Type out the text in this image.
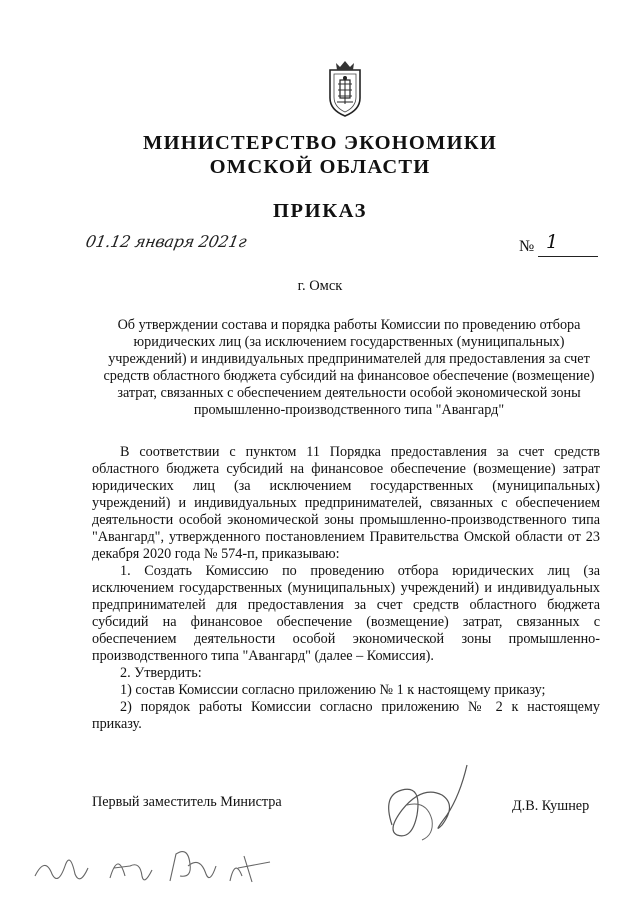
МИНИСТЕРСТВО ЭКОНОМИКИ
ОМСКОЙ ОБЛАСТИ
ПРИКАЗ
01.12 января 2021г	№ 1
г. Омск
Об утверждении состава и порядка работы Комиссии по проведению отбора юридических лиц (за исключением государственных (муниципальных) учреждений) и индивидуальных предпринимателей для предоставления за счет средств областного бюджета субсидий на финансовое обеспечение (возмещение) затрат, связанных с обеспечением деятельности особой экономической зоны промышленно-производственного типа "Авангард"

В соответствии с пунктом 11 Порядка предоставления за счет средств областного бюджета субсидий на финансовое обеспечение (возмещение) затрат юридических лиц (за исключением государственных (муниципальных) учреждений) и индивидуальных предпринимателей, связанных с обеспечением деятельности особой экономической зоны промышленно-производственного типа "Авангард", утвержденного постановлением Правительства Омской области от 23 декабря 2020 года № 574-п, приказываю:

1. Создать Комиссию по проведению отбора юридических лиц (за исключением государственных (муниципальных) учреждений) и индивидуальных предпринимателей для предоставления за счет средств областного бюджета субсидий на финансовое обеспечение (возмещение) затрат, связанных с обеспечением деятельности особой экономической зоны промышленно-производственного типа "Авангард" (далее – Комиссия).

2. Утвердить:

1) состав Комиссии согласно приложению № 1 к настоящему приказу;

2) порядок работы Комиссии согласно приложению № 2 к настоящему приказу.

Первый заместитель Министра	Д.В. Кушнер
